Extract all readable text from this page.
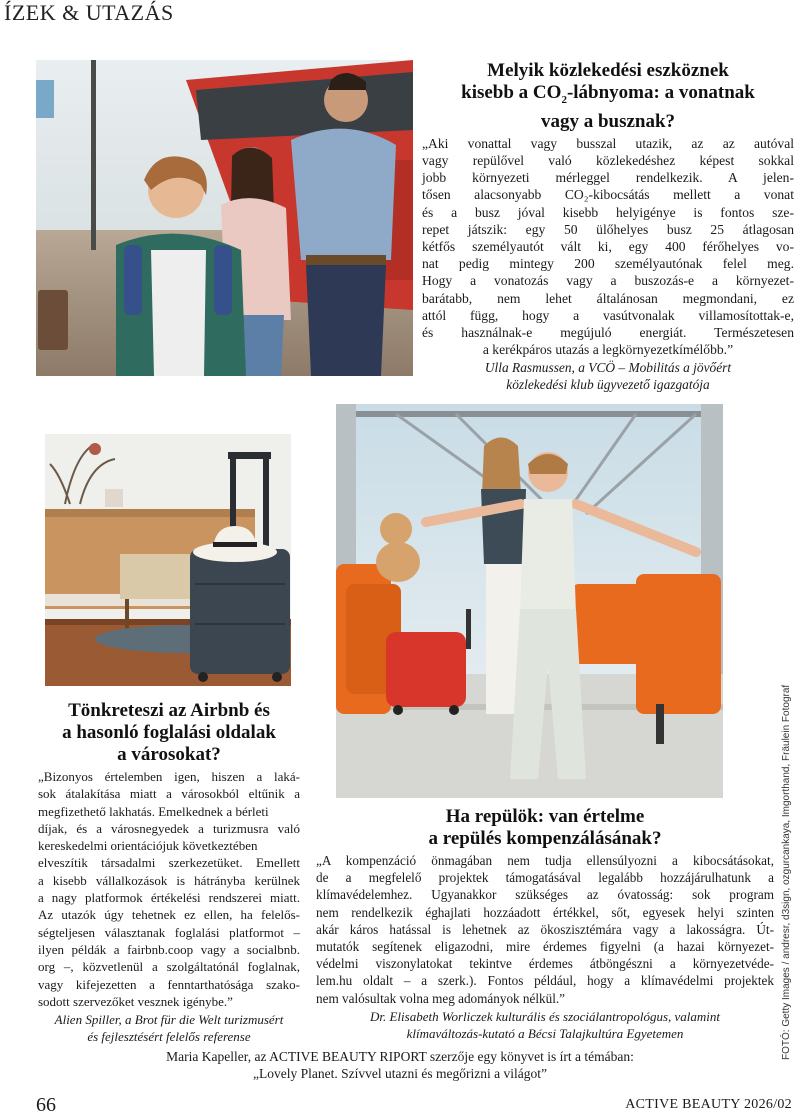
ÍZEK & UTAZÁS
Melyik közlekedési eszköznek
kisebb a $CO_2$-lábnyoma: a vonatnak
vagy a busznak?
„Aki vonattal vagy busszal utazik, az az autóval
vagy repülővel való közlekedéshez képest sokkal
jobb környezeti mérleggel rendelkezik. A jelen-
tősen alacsonyabb CO₂-kibocsátás mellett a vonat
és a busz jóval kisebb helyigénye is fontos sze-
repet játszik: egy 50 ülőhelyes busz 25 átlagosan
kétfős személyautót vált ki, egy 400 férőhelyes vo-
nat pedig mintegy 200 személyautónak felel meg.
Hogy a vonatozás vagy a buszozás-e a környezet-
barátabb, nem lehet általánosan megmondani, ez
attól függ, hogy a vasútvonalak villamosítottak-e,
és használnak-e megújuló energiát. Természetesen
a kerékpáros utazás a legkörnyezetkímélőbb.”
Ulla Rasmussen, a VCÖ – Mobilitás a jövőért
közlekedési klub ügyvezető igazgatója
Tönkreteszi az Airbnb és
a hasonló foglalási oldalak
a városokat?
„Bizonyos értelemben igen, hiszen a laká-
sok átalakítása miatt a városokból eltűnik a
megfizethető lakhatás. Emelkednek a bérleti
díjak, és a városnegyedek a turizmusra való
kereskedelmi orientációjuk következtében
elveszítik társadalmi szerkezetüket. Emellett
a kisebb vállalkozások is hátrányba kerülnek
a nagy platformok értékelési rendszerei miatt.
Az utazók úgy tehetnek ez ellen, ha felelős-
ségteljesen választanak foglalási platformot –
ilyen példák a fairbnb.coop vagy a socialbnb.
org –, közvetlenül a szolgáltatónál foglalnak,
vagy kifejezetten a fenntarthatósága szako-
sodott szervezőket vesznek igénybe.”
Alien Spiller, a Brot für die Welt turizmusért
és fejlesztésért felelős referense
Ha repülök: van értelme
a repülés kompenzálásának?
„A kompenzáció önmagában nem tudja ellensúlyozni a kibocsátásokat,
de a megfelelő projektek támogatásával legalább hozzájárulhatunk a
klímavédelemhez. Ugyanakkor szükséges az óvatosság: sok program
nem rendelkezik éghajlati hozzáadott értékkel, sőt, egyesek helyi szinten
akár káros hatással is lehetnek az ökoszisztémára vagy a lakosságra. Út-
mutatók segítenek eligazodni, mire érdemes figyelni (a hazai környezet-
védelmi viszonylatokat tekintve érdemes átböngészni a környezetvéde-
lem.hu oldalt – a szerk.). Fontos például, hogy a klímavédelmi projektek
nem valósultak volna meg adományok nélkül.”
Dr. Elisabeth Worliczek kulturális és szociálantropológus, valamint
klímaváltozás-kutató a Bécsi Talajkultúra Egyetemen
Maria Kapeller, az ACTIVE BEAUTY RIPORT szerzője egy könyvet is írt a témában:
„Lovely Planet. Szívvel utazni és megőrizni a világot”
FOTÓ: Getty Images / andresr, d3sign, ozgurcankaya, Imgorthand, Fräulein Fotograf
66	ACTIVE BEAUTY 2026/02
